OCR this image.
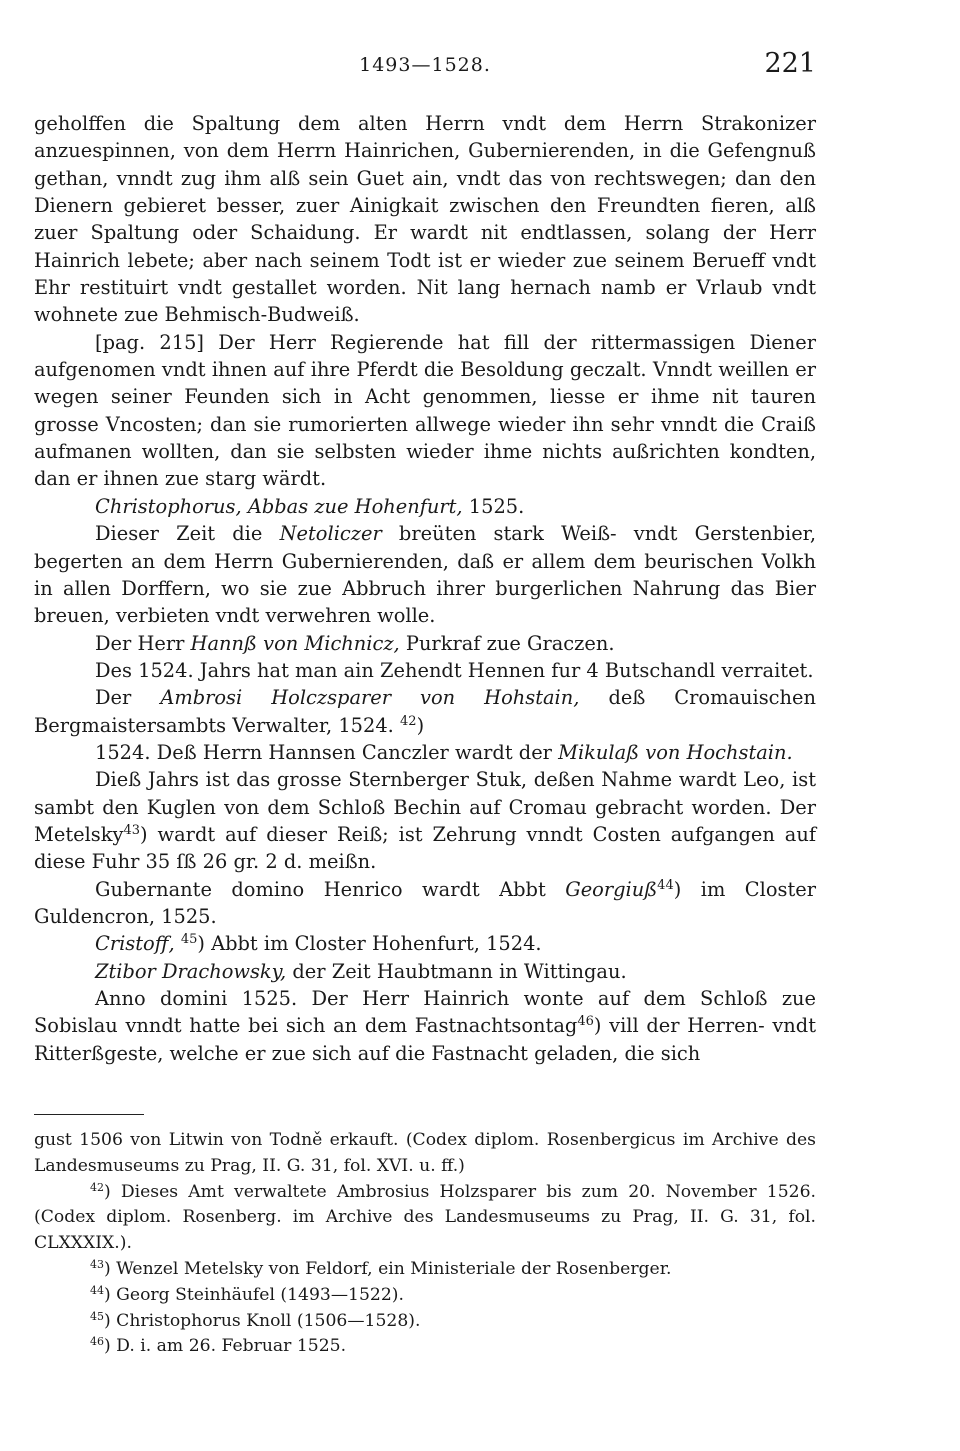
1493—1528.	221

geholffen die Spaltung dem alten Herrn vndt dem Herrn Strakonizer anzuespinnen, von dem Herrn Hainrichen, Gubernierenden, in die Gefengnuß gethan, vnndt zug ihm alß sein Guet ain, vndt das von rechtswegen; dan den Dienern gebieret besser, zuer Ainigkait zwischen den Freundten fieren, alß zuer Spaltung oder Schaidung. Er wardt nit endtlassen, solang der Herr Hainrich lebete; aber nach seinem Todt ist er wieder zue seinem Berueff vndt Ehr restituirt vndt gestallet worden. Nit lang hernach namb er Vrlaub vndt wohnete zue Behmisch-Budweiß.

[pag. 215] Der Herr Regierende hat fill der rittermassigen Diener aufgenomen vndt ihnen auf ihre Pferdt die Besoldung geczalt. Vnndt weillen er wegen seiner Feunden sich in Acht genommen, liesse er ihme nit tauren grosse Vncosten; dan sie rumorierten allwege wieder ihn sehr vnndt die Craiß aufmanen wollten, dan sie selbsten wieder ihme nichts außrichten kondten, dan er ihnen zue starg wärdt.

Christophorus, Abbas zue Hohenfurt, 1525.

Dieser Zeit die Netoliczer breüten stark Weiß- vndt Gerstenbier, begerten an dem Herrn Gubernierenden, daß er allem dem beurischen Volkh in allen Dorffern, wo sie zue Abbruch ihrer burgerlichen Nahrung das Bier breuen, verbieten vndt verwehren wolle.

Der Herr Hannß von Michnicz, Purkraf zue Graczen.

Des 1524. Jahrs hat man ain Zehendt Hennen fur 4 Butschandl verraitet.

Der Ambrosi Holczsparer von Hohstain, deß Cromauischen Bergmaistersambts Verwalter, 1524. $^{42}$)

1524. Deß Herrn Hannsen Canczler wardt der Mikulaß von Hochstain.

Dieß Jahrs ist das grosse Sternberger Stuk, deßen Nahme wardt Leo, ist sambt den Kuglen von dem Schloß Bechin auf Cromau gebracht worden. Der Metelsky$^{43}$) wardt auf dieser Reiß; ist Zehrung vnndt Costen aufgangen auf diese Fuhr 35 ſß 26 gr. 2 d. meißn.

Gubernante domino Henrico wardt Abbt Georgiuß$^{44}$) im Closter Guldencron, 1525.

Cristoff, $^{45}$) Abbt im Closter Hohenfurt, 1524.

Ztibor Drachowsky, der Zeit Haubtmann in Wittingau.

Anno domini 1525. Der Herr Hainrich wonte auf dem Schloß zue Sobislau vnndt hatte bei sich an dem Fastnachtsontag$^{46}$) vill der Herren- vndt Ritterßgeste, welche er zue sich auf die Fastnacht geladen, die sich

gust 1506 von Litwin von Todně erkauft. (Codex diplom. Rosenbergicus im Archive des Landesmuseums zu Prag, II. G. 31, fol. XVI. u. ff.)

$^{42}$) Dieses Amt verwaltete Ambrosius Holzsparer bis zum 20. November 1526. (Codex diplom. Rosenberg. im Archive des Landesmuseums zu Prag, II. G. 31, fol. CLXXXIX.).

$^{43}$) Wenzel Metelsky von Feldorf, ein Ministeriale der Rosenberger.

$^{44}$) Georg Steinhäufel (1493—1522).

$^{45}$) Christophorus Knoll (1506—1528).

$^{46}$) D. i. am 26. Februar 1525.
